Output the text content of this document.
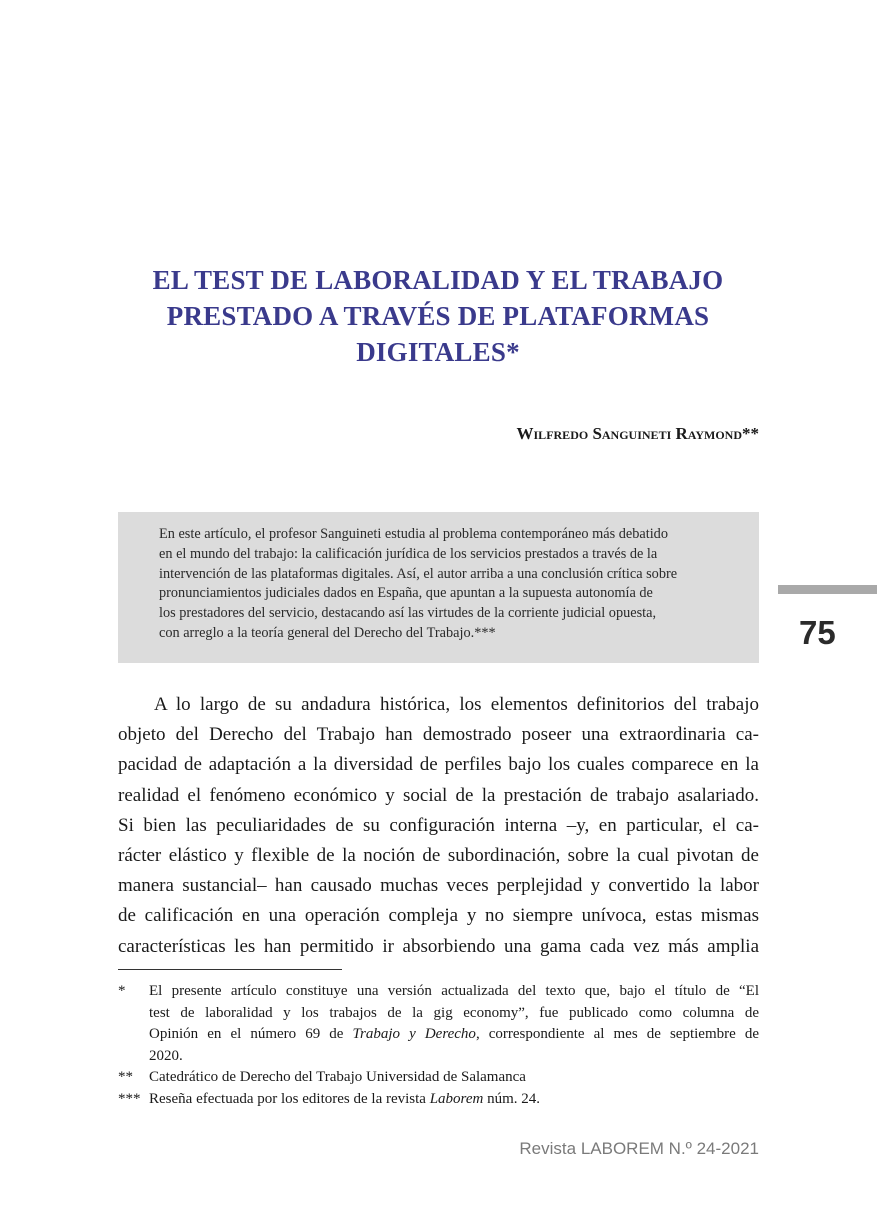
EL TEST DE LABORALIDAD Y EL TRABAJO
PRESTADO A TRAVÉS DE PLATAFORMAS
DIGITALES*
Wilfredo Sanguineti Raymond**
En este artículo, el profesor Sanguineti estudia al problema contemporáneo más debatido
en el mundo del trabajo: la calificación jurídica de los servicios prestados a través de la
intervención de las plataformas digitales. Así, el autor arriba a una conclusión crítica sobre
pronunciamientos judiciales dados en España, que apuntan a la supuesta autonomía de
los prestadores del servicio, destacando así las virtudes de la corriente judicial opuesta,
con arreglo a la teoría general del Derecho del Trabajo.***	75
A lo largo de su andadura histórica, los elementos definitorios del trabajo
objeto del Derecho del Trabajo han demostrado poseer una extraordinaria ca-
pacidad de adaptación a la diversidad de perfiles bajo los cuales comparece en la
realidad el fenómeno económico y social de la prestación de trabajo asalariado.
Si bien las peculiaridades de su configuración interna –y, en particular, el ca-
rácter elástico y flexible de la noción de subordinación, sobre la cual pivotan de
manera sustancial– han causado muchas veces perplejidad y convertido la labor
de calificación en una operación compleja y no siempre unívoca, estas mismas
características les han permitido ir absorbiendo una gama cada vez más amplia
* El presente artículo constituye una versión actualizada del texto que, bajo el título de “El
test de laboralidad y los trabajos de la gig economy”, fue publicado como columna de
Opinión en el número 69 de Trabajo y Derecho, correspondiente al mes de septiembre de
2020.
** Catedrático de Derecho del Trabajo Universidad de Salamanca
*** Reseña efectuada por los editores de la revista Laborem núm. 24.
Revista LABOREM N.º 24-2021
